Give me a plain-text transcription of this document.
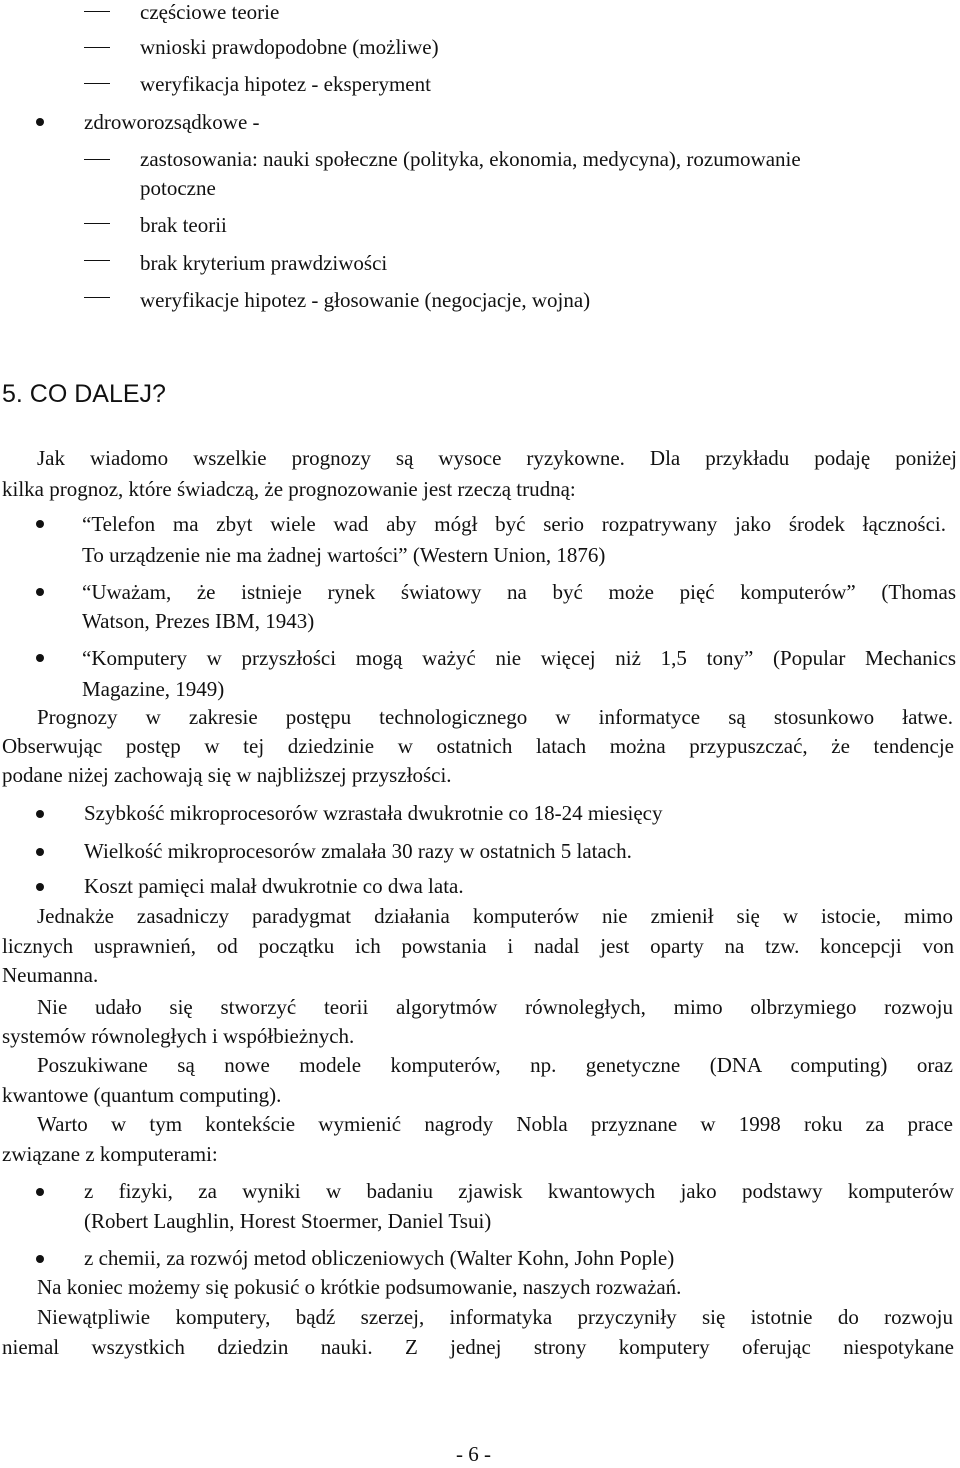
częściowe teorie
wnioski prawdopodobne (możliwe)
weryfikacja hipotez - eksperyment
zdroworozsądkowe -
zastosowania: nauki społeczne (polityka, ekonomia, medycyna), rozumowanie
potoczne
brak teorii
brak kryterium prawdziwości
weryfikacje hipotez - głosowanie (negocjacje, wojna)
5. CO DALEJ?
Jak wiadomo wszelkie prognozy są wysoce ryzykowne. Dla przykładu podaję poniżej
kilka prognoz, które świadczą, że prognozowanie jest rzeczą trudną:
“Telefon ma zbyt wiele wad aby mógł być serio rozpatrywany jako środek łączności.
To urządzenie nie ma żadnej wartości” (Western Union, 1876)
“Uważam, że istnieje rynek światowy na być może pięć komputerów” (Thomas
Watson, Prezes IBM, 1943)
“Komputery w przyszłości mogą ważyć nie więcej niż 1,5 tony” (Popular Mechanics
Magazine, 1949)
Prognozy w zakresie postępu technologicznego w informatyce są stosunkowo łatwe.
Obserwując postęp w tej dziedzinie w ostatnich latach można przypuszczać, że tendencje
podane niżej zachowają się w najbliższej przyszłości.
Szybkość mikroprocesorów wzrastała dwukrotnie co 18-24 miesięcy
Wielkość mikroprocesorów zmalała 30 razy w ostatnich 5 latach.
Koszt pamięci malał dwukrotnie co dwa lata.
Jednakże zasadniczy paradygmat działania komputerów nie zmienił się w istocie, mimo
licznych usprawnień, od początku ich powstania i nadal jest oparty na tzw. koncepcji von
Neumanna.
Nie udało się stworzyć teorii algorytmów równoległych, mimo olbrzymiego rozwoju
systemów równoległych i współbieżnych.
Poszukiwane są nowe modele komputerów, np. genetyczne (DNA computing) oraz
kwantowe (quantum computing).
Warto w tym kontekście wymienić nagrody Nobla przyznane w 1998 roku za prace
związane z komputerami:
z fizyki, za wyniki w badaniu zjawisk kwantowych jako podstawy komputerów
(Robert Laughlin, Horest Stoermer, Daniel Tsui)
z chemii, za rozwój metod obliczeniowych (Walter Kohn, John Pople)
Na koniec możemy się pokusić o krótkie podsumowanie, naszych rozważań.
Niewątpliwie komputery, bądź szerzej, informatyka przyczyniły się istotnie do rozwoju
niemal wszystkich dziedzin nauki. Z jednej strony komputery oferując niespotykane
- 6 -
